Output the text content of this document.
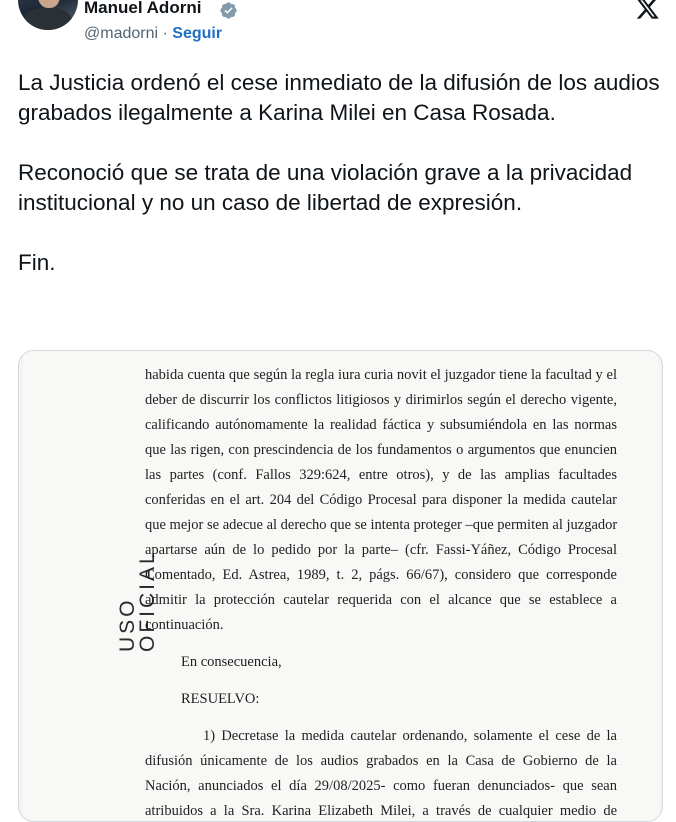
Manuel Adorni
@madorni · Seguir

La Justicia ordenó el cese inmediato de la difusión de los audios grabados ilegalmente a Karina Milei en Casa Rosada.

Reconoció que se trata de una violación grave a la privacidad institucional y no un caso de libertad de expresión.

Fin.

USO OFICIAL
habida cuenta que según la regla iura curia novit el juzgador tiene la facultad y el
deber de discurrir los conflictos litigiosos y dirimirlos según el derecho vigente,
calificando autónomamente la realidad fáctica y subsumiéndola en las normas
que las rigen, con prescindencia de los fundamentos o argumentos que enuncien
las partes (conf. Fallos 329:624, entre otros), y de las amplias facultades
conferidas en el art. 204 del Código Procesal para disponer la medida cautelar
que mejor se adecue al derecho que se intenta proteger –que permiten al juzgador
apartarse aún de lo pedido por la parte– (cfr. Fassi-Yáñez, Código Procesal
Comentado, Ed. Astrea, 1989, t. 2, págs. 66/67), considero que corresponde
admitir la protección cautelar requerida con el alcance que se establece a
continuación.
En consecuencia,
RESUELVO:
1) Decretase la medida cautelar ordenando, solamente el cese de la
difusión únicamente de los audios grabados en la Casa de Gobierno de la
Nación, anunciados el día 29/08/2025- como fueran denunciados- que sean
atribuidos a la Sra. Karina Elizabeth Milei, a través de cualquier medio de
